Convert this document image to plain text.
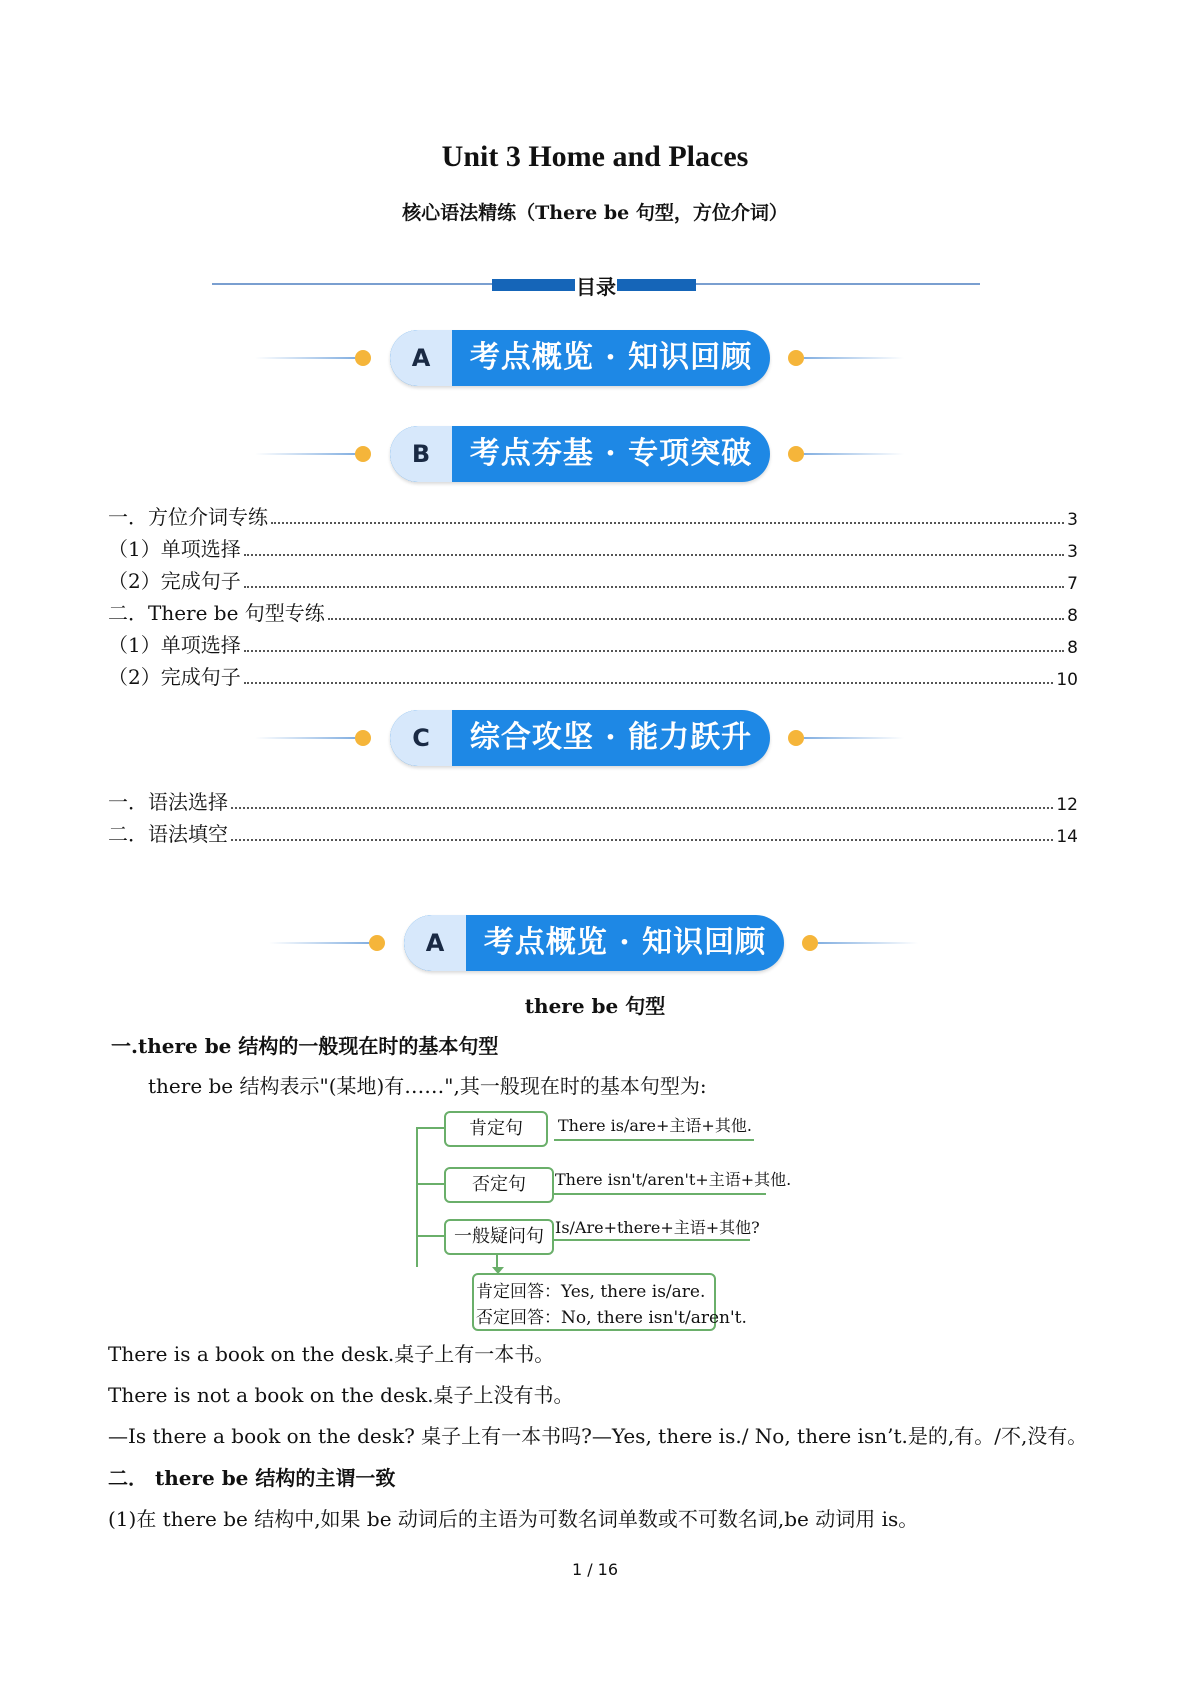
Unit 3 Home and Places
核心语法精练（There be 句型，方位介词）
目录
A	考点概览 · 知识回顾
B	考点夯基 · 专项突破
一．方位介词专练	3
（1）单项选择	3
（2）完成句子	7
二．There be 句型专练	8
（1）单项选择	8
（2）完成句子	10
C	综合攻坚 · 能力跃升
一．语法选择	12
二．语法填空	14
A	考点概览 · 知识回顾
there be 句型
一.there be 结构的一般现在时的基本句型
there be 结构表示"(某地)有……",其一般现在时的基本句型为:
肯定句	There is/are+主语+其他.
否定句	There isn't/aren't+主语+其他.
一般疑问句 Is/Are+there+主语+其他?
肯定回答：Yes, there is/are.
否定回答：No, there isn't/aren't.
There is a book on the desk.桌子上有一本书。
There is not a book on the desk.桌子上没有书。
—Is there a book on the desk? 桌子上有一本书吗?—Yes, there is./ No, there isn’t.是的,有。/不,没有。
二． there be 结构的主谓一致
(1)在 there be 结构中,如果 be 动词后的主语为可数名词单数或不可数名词,be 动词用 is。
1 / 16
